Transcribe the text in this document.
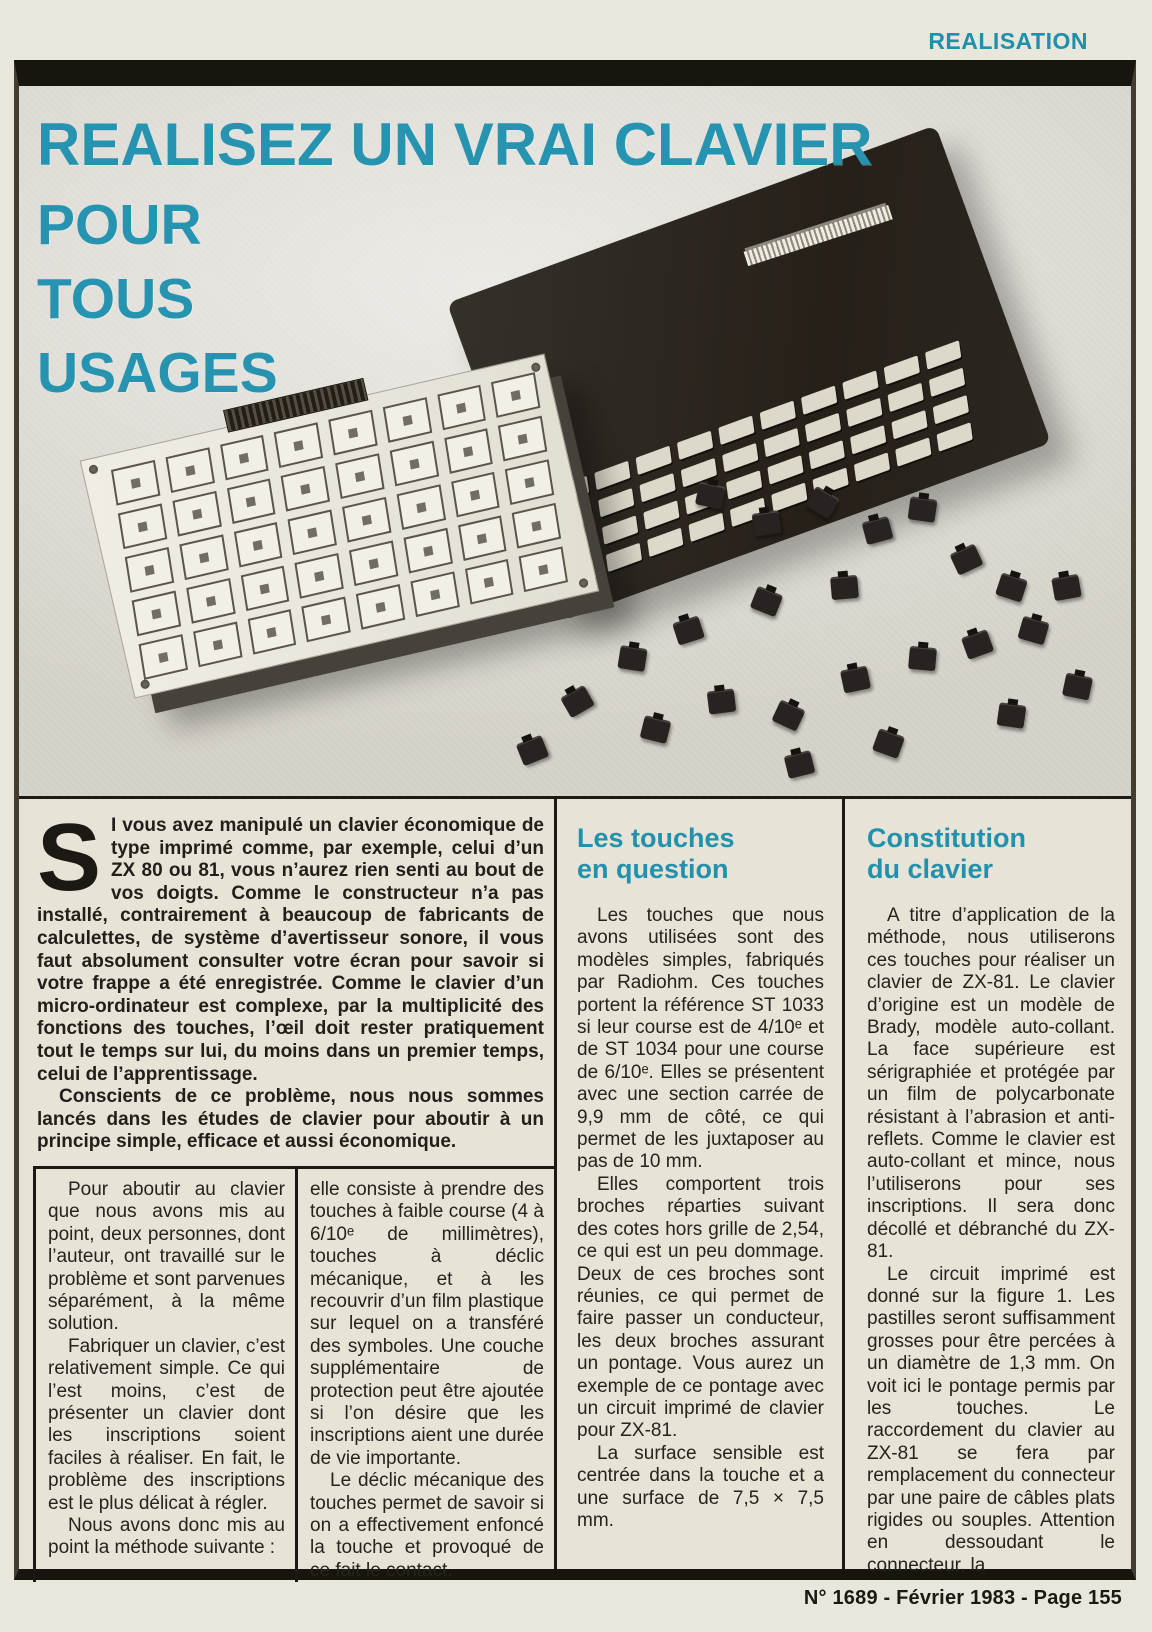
REALISATION
REALISEZ UN VRAI CLAVIER
POUR
TOUS
USAGES

S I vous avez manipulé un clavier économique de type imprimé comme, par exemple, celui d’un ZX 80 ou 81, vous n’aurez rien senti au bout de vos doigts. Comme le constructeur n’a pas installé, contrairement à beaucoup de fabricants de calculettes, de système d’avertisseur sonore, il vous faut absolument consulter votre écran pour savoir si votre frappe a été enregistrée. Comme le clavier d’un micro-ordinateur est complexe, par la multiplicité des fonctions des touches, l’œil doit rester pratiquement tout le temps sur lui, du moins dans un premier temps, celui de l’apprentissage.

Conscients de ce problème, nous nous sommes lancés dans les études de clavier pour aboutir à un principe simple, efficace et aussi économique.

Pour aboutir au clavier que nous avons mis au point, deux personnes, dont l’auteur, ont travaillé sur le problème et sont parvenues séparément, à la même solution.

Fabriquer un clavier, c’est relativement simple. Ce qui l’est moins, c’est de présenter un clavier dont les inscriptions soient faciles à réaliser. En fait, le problème des inscriptions est le plus délicat à régler.

Nous avons donc mis au point la méthode suivante :

elle consiste à prendre des touches à faible course (4 à 6/10ᵉ de millimètres), touches à déclic mécanique, et à les recouvrir d’un film plastique sur lequel on a transféré des symboles. Une couche supplémentaire de protection peut être ajoutée si l’on désire que les inscriptions aient une durée de vie importante.

Le déclic mécanique des touches permet de savoir si on a effectivement enfoncé la touche et provoqué de ce fait le contact.

Les touches
en question

Les touches que nous avons utilisées sont des modèles simples, fabriqués par Radiohm. Ces touches portent la référence ST 1033 si leur course est de 4/10ᵉ et de ST 1034 pour une course de 6/10ᵉ. Elles se présentent avec une section carrée de 9,9 mm de côté, ce qui permet de les juxtaposer au pas de 10 mm.

Elles comportent trois broches réparties suivant des cotes hors grille de 2,54, ce qui est un peu dommage. Deux de ces broches sont réunies, ce qui permet de faire passer un conducteur, les deux broches assurant un pontage. Vous aurez un exemple de ce pontage avec un circuit imprimé de clavier pour ZX-81.

La surface sensible est centrée dans la touche et a une surface de 7,5 × 7,5 mm.

Constitution
du clavier

A titre d’application de la méthode, nous utiliserons ces touches pour réaliser un clavier de ZX-81. Le clavier d’origine est un modèle de Brady, modèle auto-collant. La face supérieure est sérigraphiée et protégée par un film de polycarbonate résistant à l’abrasion et anti-reflets. Comme le clavier est auto-collant et mince, nous l’utiliserons pour ses inscriptions. Il sera donc décollé et débranché du ZX-81.

Le circuit imprimé est donné sur la figure 1. Les pastilles seront suffisamment grosses pour être percées à un diamètre de 1,3 mm. On voit ici le pontage permis par les touches. Le raccordement du clavier au ZX-81 se fera par remplacement du connecteur par une paire de câbles plats rigides ou souples. Attention en dessoudant le connecteur, la

N° 1689 - Février 1983 - Page 155
